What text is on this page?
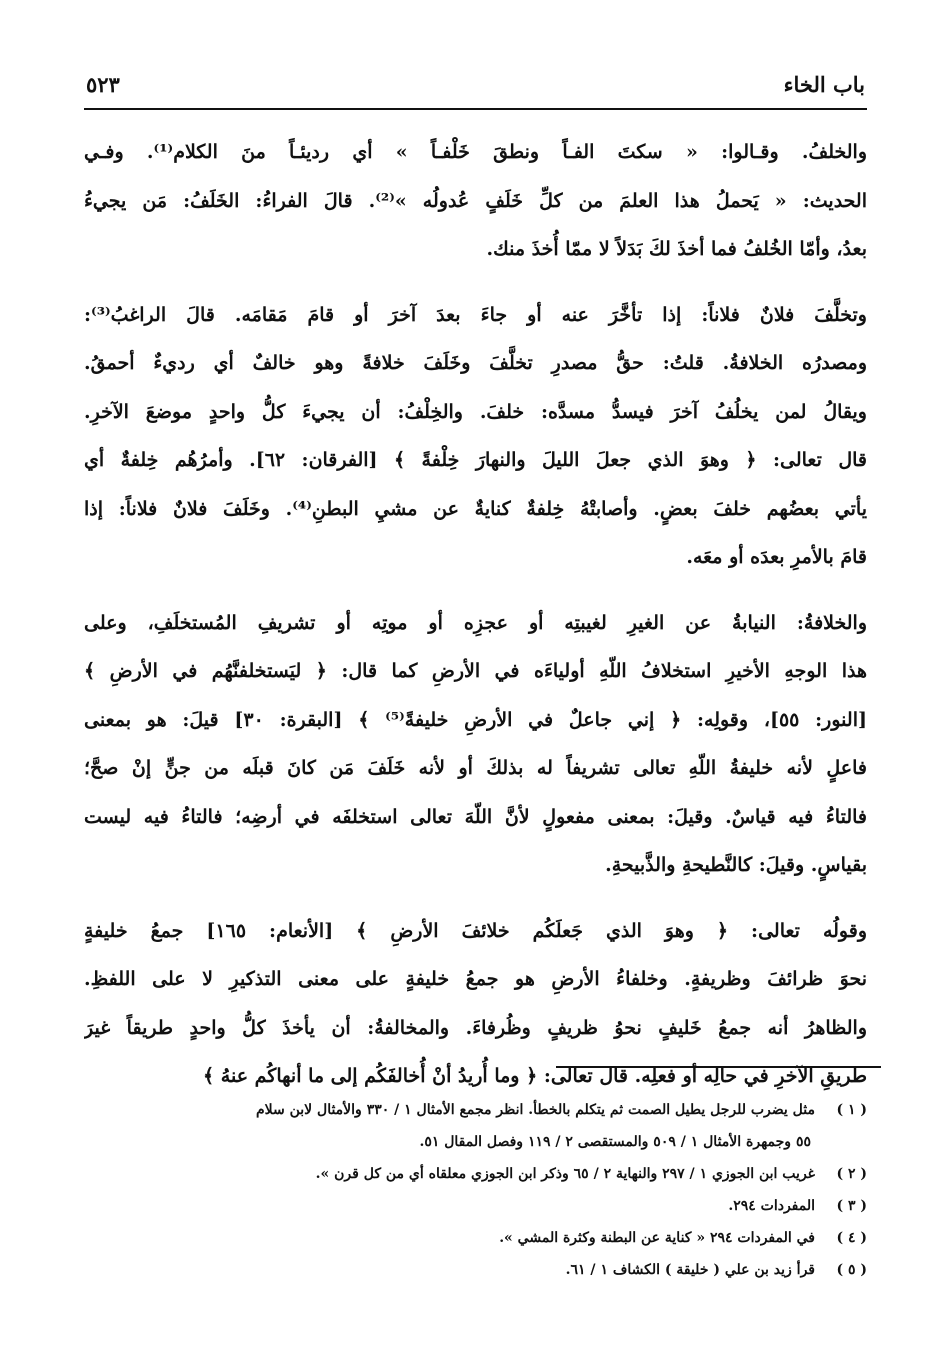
باب الخاء
٥٢٣
والخلفُ. وقـالوا: « سكتَ الفـاً ونطقَ خَلْفـاً » أي رديئـاً منَ الكلام⁽¹⁾. وفـي
الحديث: « يَحملُ هذا العلمَ من كلِّ خَلَفٍ عُدولُه »⁽²⁾. قالَ الفراءُ: الخَلَفُ: مَن يجيءُ
بعدُ، وأمّا الخُلفُ فما أخذَ لكَ بَدَلاً لا ممّا أُخذَ منك.
وتخلَّفَ فلانٌ فلاناً: إذا تأخَّرَ عنه أو جاءَ بعدَ آخرَ أو قامَ مَقامَه. قالَ الراغبُ⁽³⁾:
ومصدرُه الخلافةُ. قلتُ: حقُّ مصدرِ تخلَّفَ وخَلَفَ خلافةً وهو خالفٌ أي رديءٌ أحمقُ.
ويقالُ لمن يخلُفُ آخرَ فيسدُّ مسدَّه: خلفَ. والخِلْفُ: أن يجيءَ كلُّ واحدٍ موضعَ الآخرِ.
قال تعالى: ﴿ وهوَ الذي جعلَ الليلَ والنهارَ خِلْفةً ﴾ [الفرقان: ٦٢]. وأمرُهُم خِلفةٌ أي
يأتي بعضُهم خلفَ بعضٍ. وأصابتْهُ خِلفةٌ كنايةٌ عن مشيِ البطنِ⁽⁴⁾. وخَلَفَ فلانٌ فلاناً: إذا
قامَ بالأمرِ بعدَه أو معَه.
والخلافةُ: النيابةُ عن الغيرِ لغيبتِه أو عجزِه أو موتِه أو تشريفِ المُستخلَفِ، وعلى
هذا الوجهِ الأخيرِ استخلافُ اللّهِ أولياءَه في الأرضِ كما قال: ﴿ ليَستخلفنَّهُم في الأرضِ ﴾
[النور: ٥٥]، وقولِه: ﴿ إني جاعلٌ في الأرضِ خليفةً⁽⁵⁾ ﴾ [البقرة: ٣٠] قيلَ: هو بمعنى
فاعلٍ لأنه خليفةُ اللّهِ تعالى تشريفاً له بذلكَ أو لأنه خَلَفَ مَن كانَ قبلَه من جنٍّ إنْ صحَّ؛
فالتاءُ فيه قياسٌ. وقيلَ: بمعنى مفعولٍ لأنَّ اللّهَ تعالى استخلفَه في أرضِه؛ فالتاءُ فيه ليست
بقياسٍ. وقيلَ: كالنَّطيحةِ والذَّبيحةِ.
وقولُه تعالى: ﴿ وهوَ الذي جَعلَكُم خلائفَ الأرضِ ﴾ [الأنعام: ١٦٥] جمعُ خليفةٍ
نحوَ ظرائفَ وظريفةٍ. وخلفاءُ الأرضِ هو جمعُ خليفةٍ على معنى التذكيرِ لا على اللفظِ.
والظاهرُ أنه جمعُ خَليفٍ نحوُ ظريفٍ وظُرفاءَ. والمخالفةُ: أن يأخذَ كلُّ واحدٍ طريقاً غيرَ
طريقِ الآخرِ في حالِه أو فعلِه. قال تعالى: ﴿ وما أُريدُ أنْ أُخالفَكُم إلى ما أنهاكُم عنهُ ﴾
( ١ )مثل يضرب للرجل يطيل الصمت ثم يتكلم بالخطأ. انظر مجمع الأمثال ١ / ٣٣٠ والأمثال لابن سلام
٥٥ وجمهرة الأمثال ١ / ٥٠٩ والمستقصى ٢ / ١١٩ وفصل المقال ٥١.
( ٢ )غريب ابن الجوزي ١ / ٢٩٧ والنهاية ٢ / ٦٥ وذكر ابن الجوزي معلقاه أي من كل قرن ».
( ٣ )المفردات ٢٩٤.
( ٤ )في المفردات ٢٩٤ « كناية عن البطنة وكثرة المشي ».
( ٥ )قرأ زيد بن علي ( خليقة ) الكشاف ١ / ٦١.
